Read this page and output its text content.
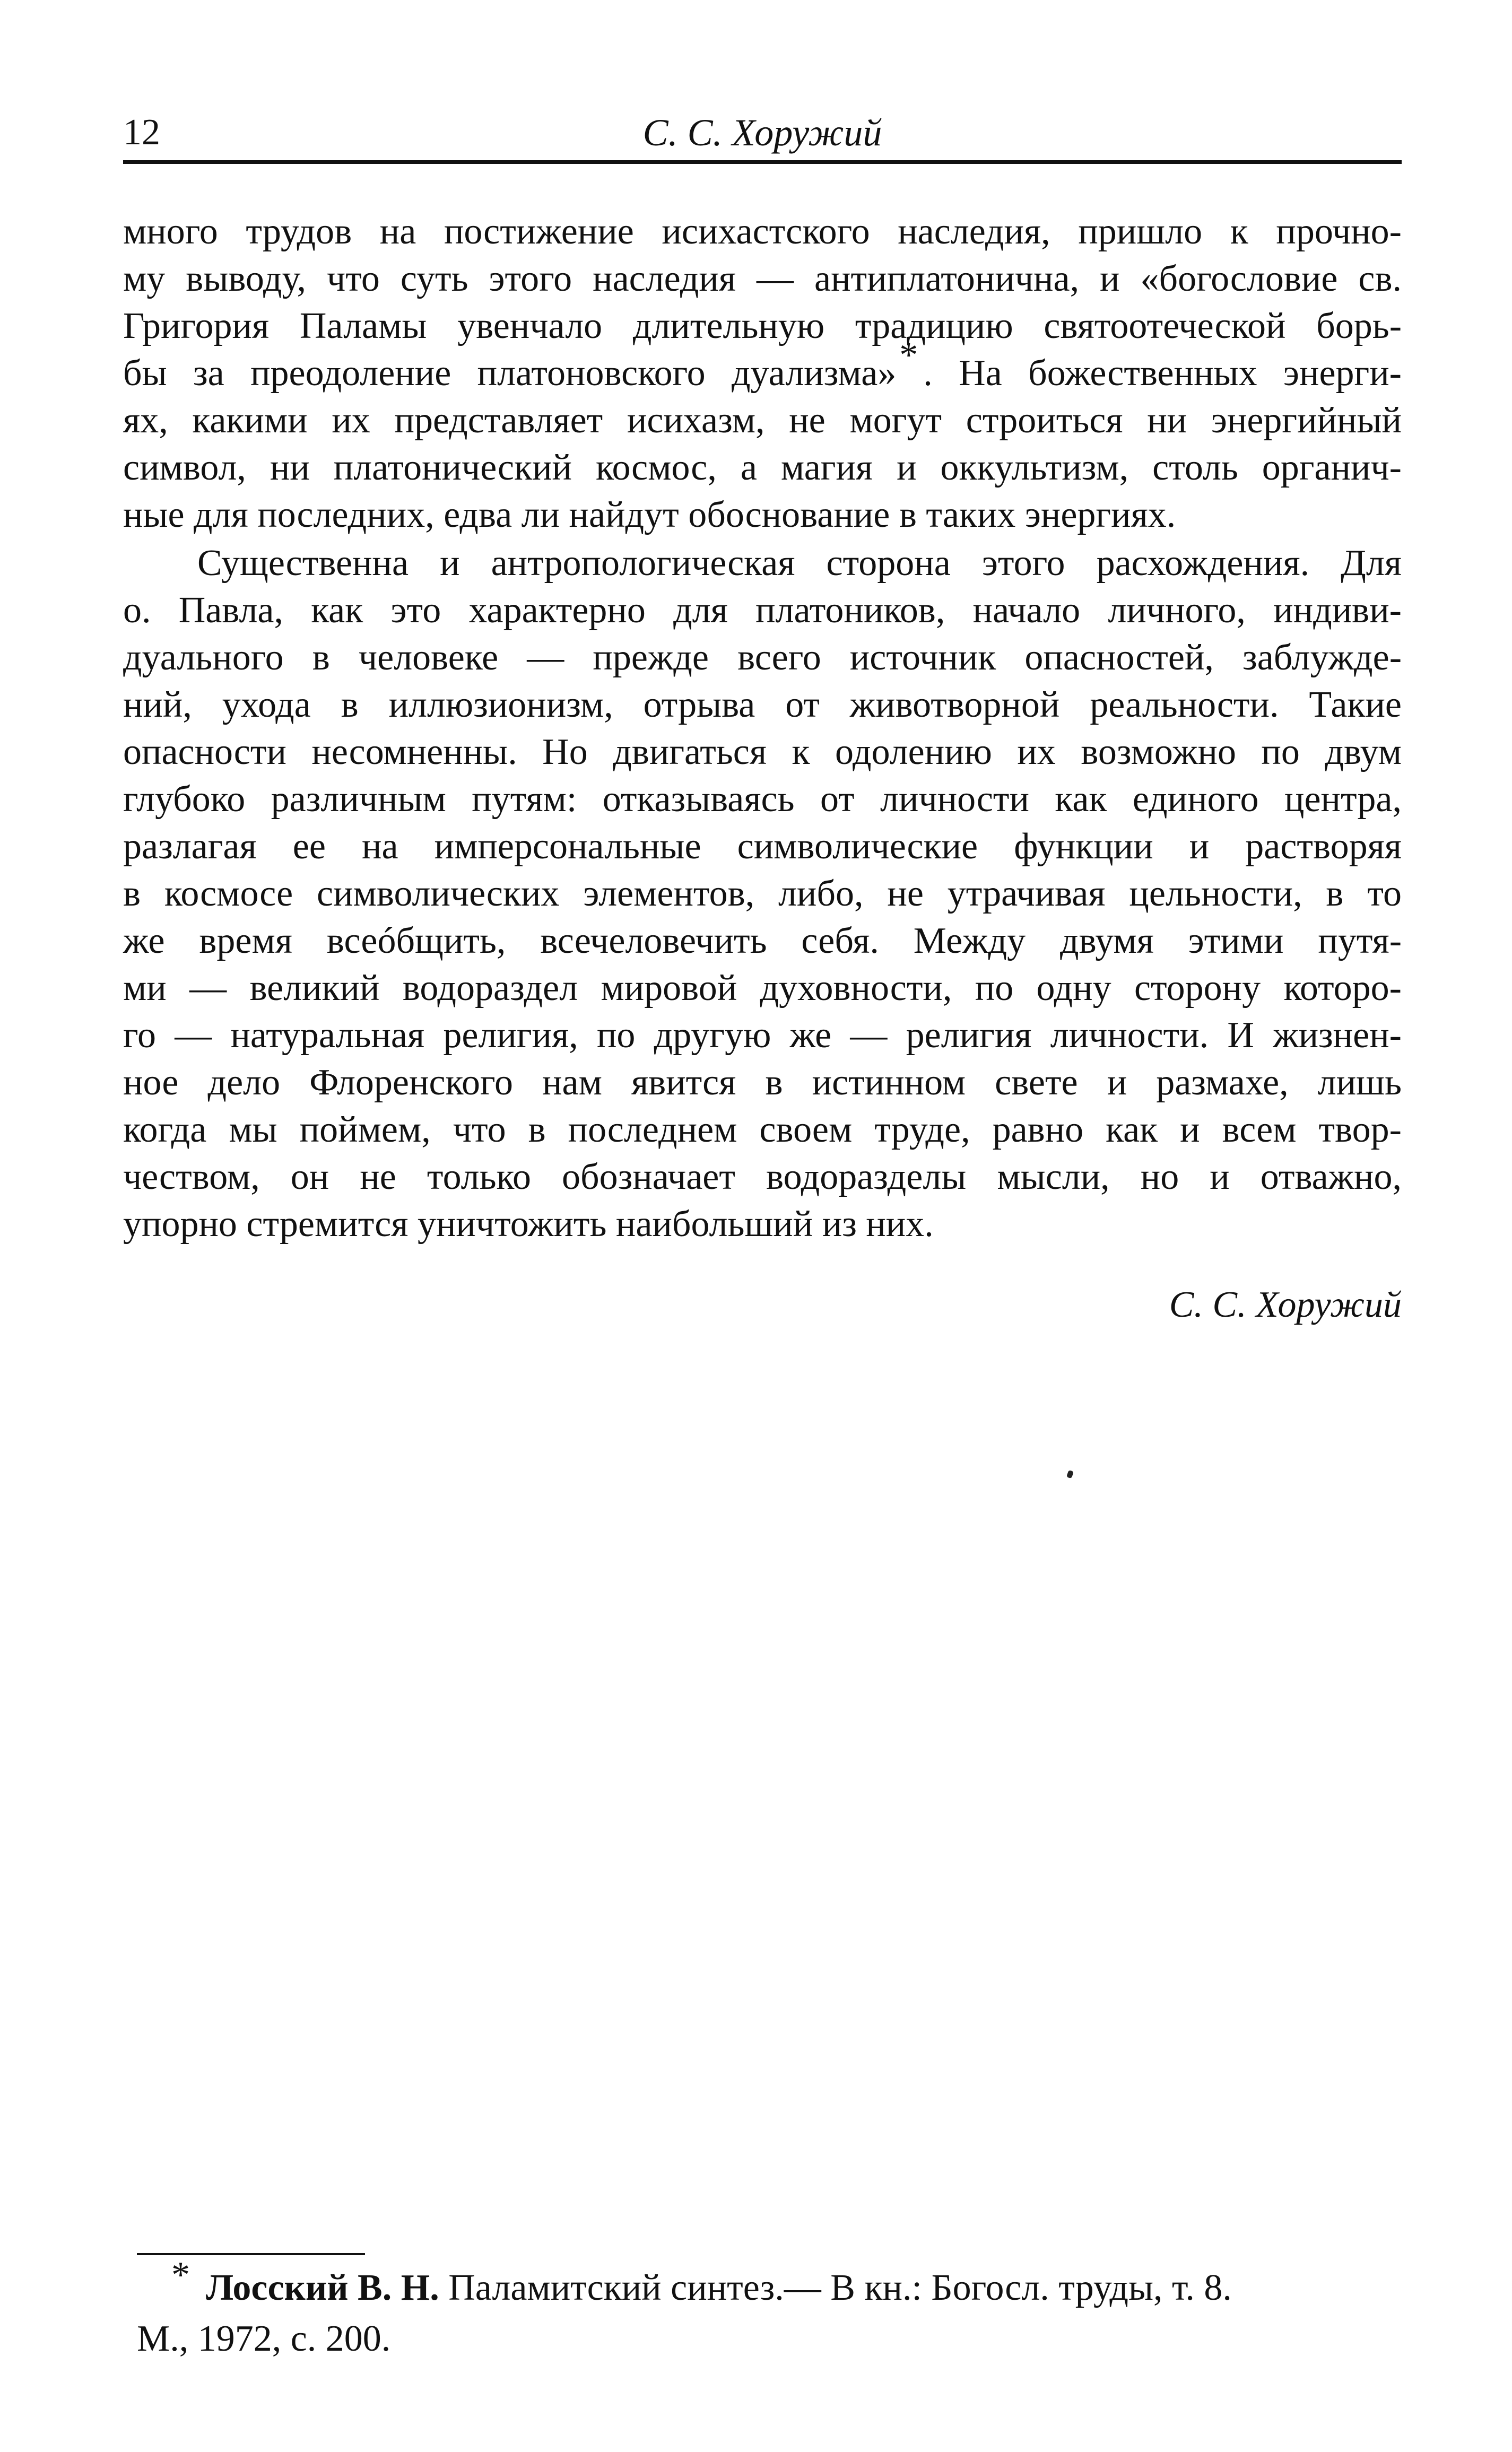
12	С. С. Хоружий

много трудов на постижение исихастского наследия, пришло к прочно-
му выводу, что суть этого наследия — антиплатонична, и «богословие св.
Григория Паламы увенчало длительную традицию святоотеческой борь-
бы за преодоление платоновского дуализма»* . На божественных энерги-
ях, какими их представляет исихазм, не могут строиться ни энергийный
символ, ни платонический космос, а магия и оккультизм, столь органич-
ные для последних, едва ли найдут обоснование в таких энергиях.

Существенна и антропологическая сторона этого расхождения. Для
о. Павла, как это характерно для платоников, начало личного, индиви-
дуального в человеке — прежде всего источник опасностей, заблужде-
ний, ухода в иллюзионизм, отрыва от животворной реальности. Такие
опасности несомненны. Но двигаться к одолению их возможно по двум
глубоко различным путям: отказываясь от личности как единого центра,
разлагая ее на имперсональные символические функции и растворяя
в космосе символических элементов, либо, не утрачивая цельности, в то
же время всеóбщить, всечеловечить себя. Между двумя этими путя-
ми — великий водораздел мировой духовности, по одну сторону которо-
го — натуральная религия, по другую же — религия личности. И жизнен-
ное дело Флоренского нам явится в истинном свете и размахе, лишь
когда мы поймем, что в последнем своем труде, равно как и всем твор-
чеством, он не только обозначает водоразделы мысли, но и отважно,
упорно стремится уничтожить наибольший из них.

С. С. Хоружий
* Лосский В. Н. Паламитский синтез.— В кн.: Богосл. труды, т. 8.
М., 1972, с. 200.
